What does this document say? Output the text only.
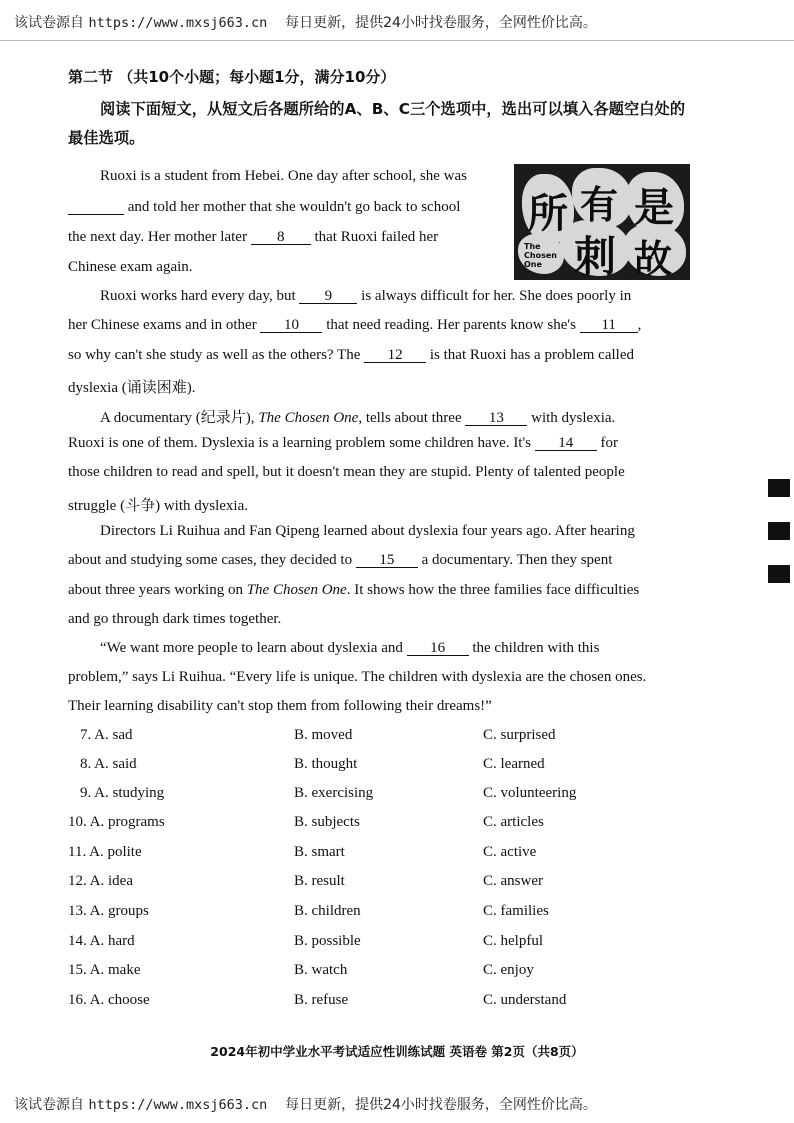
该试卷源自 https://www.mxsj663.cn 每日更新，提供24小时找卷服务，全网性价比高。
第二节 （共10个小题；每小题1分，满分10分）
阅读下面短文，从短文后各题所给的A、B、C三个选项中，选出可以填入各题空白处的最佳选项。
所 有 是
刺 故
The Chosen One
Ruoxi is a student from Hebei. One day after school, she was
and told her mother that she wouldn't go back to school
the next day. Her mother later 8 that Ruoxi failed her
Chinese exam again.
Ruoxi works hard every day, but 9 is always difficult for her. She does poorly in
her Chinese exams and in other 10 that need reading. Her parents know she's 11 ,
so why can't she study as well as the others? The 12 is that Ruoxi has a problem called
dyslexia (诵读困难).
A documentary (纪录片), The Chosen One, tells about three 13 with dyslexia.
Ruoxi is one of them. Dyslexia is a learning problem some children have. It's 14 for
those children to read and spell, but it doesn't mean they are stupid. Plenty of talented people
struggle (斗争) with dyslexia.
Directors Li Ruihua and Fan Qipeng learned about dyslexia four years ago. After hearing
about and studying some cases, they decided to 15 a documentary. Then they spent
about three years working on The Chosen One. It shows how the three families face difficulties
and go through dark times together.
“We want more people to learn about dyslexia and 16 the children with this
problem,” says Li Ruihua. “Every life is unique. The children with dyslexia are the chosen ones.
Their learning disability can't stop them from following their dreams!”
7. A. sad	B. moved	C. surprised
8. A. said	B. thought	C. learned
9. A. studying	B. exercising	C. volunteering
10. A. programs	B. subjects	C. articles
11. A. polite	B. smart	C. active
12. A. idea	B. result	C. answer
13. A. groups	B. children	C. families
14. A. hard	B. possible	C. helpful
15. A. make	B. watch	C. enjoy
16. A. choose	B. refuse	C. understand
2024年初中学业水平考试适应性训练试题 英语卷 第2页（共8页）
该试卷源自 https://www.mxsj663.cn 每日更新，提供24小时找卷服务，全网性价比高。
